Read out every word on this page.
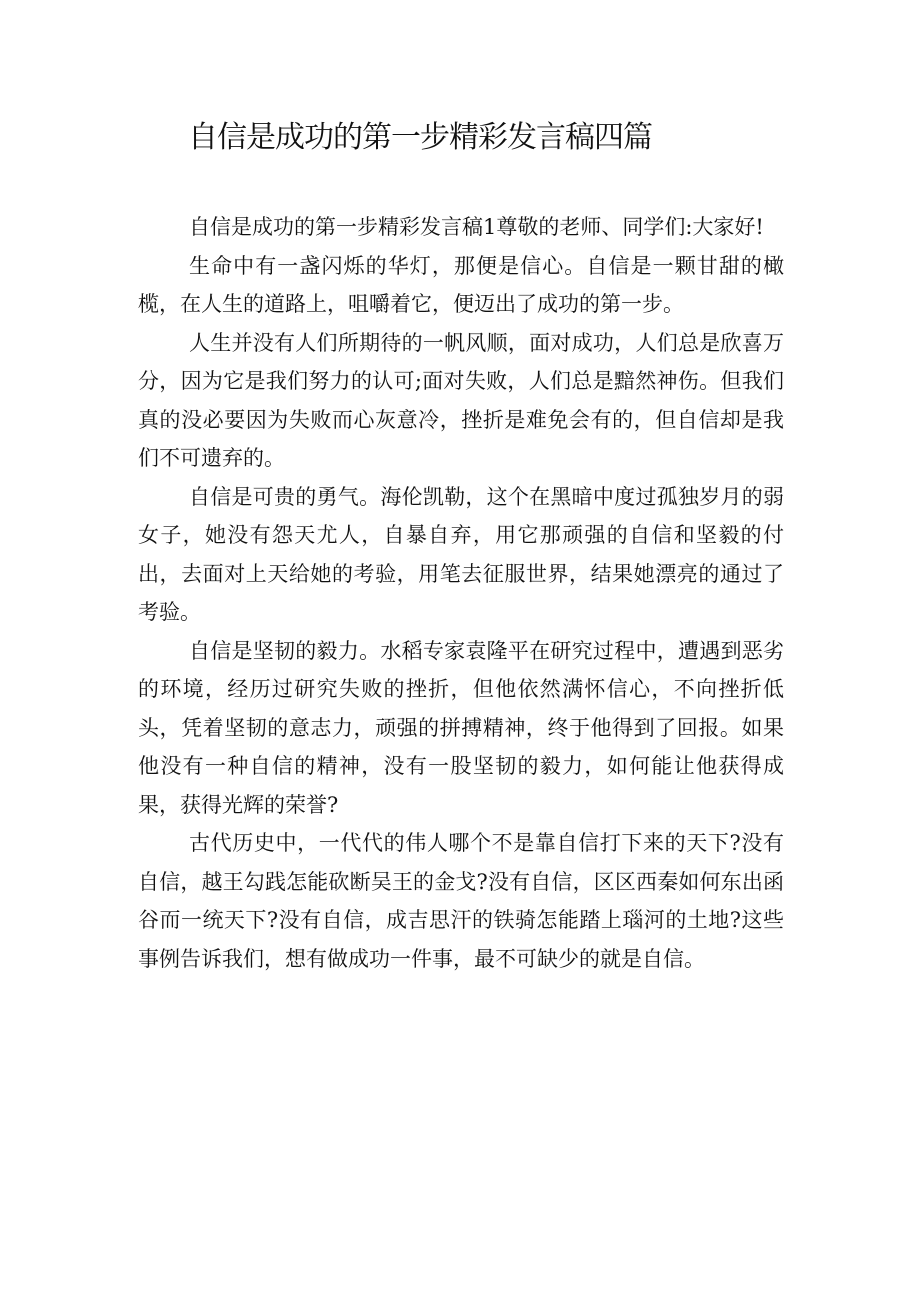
自信是成功的第一步精彩发言稿四篇

自信是成功的第一步精彩发言稿1尊敬的老师、同学们:大家好!

生命中有一盏闪烁的华灯，那便是信心。自信是一颗甘甜的橄榄，在人生的道路上，咀嚼着它，便迈出了成功的第一步。

人生并没有人们所期待的一帆风顺，面对成功，人们总是欣喜万分，因为它是我们努力的认可;面对失败，人们总是黯然神伤。但我们真的没必要因为失败而心灰意冷，挫折是难免会有的，但自信却是我们不可遗弃的。

自信是可贵的勇气。海伦凯勒，这个在黑暗中度过孤独岁月的弱女子，她没有怨天尤人，自暴自弃，用它那顽强的自信和坚毅的付出，去面对上天给她的考验，用笔去征服世界，结果她漂亮的通过了考验。

自信是坚韧的毅力。水稻专家袁隆平在研究过程中，遭遇到恶劣的环境，经历过研究失败的挫折，但他依然满怀信心，不向挫折低头，凭着坚韧的意志力，顽强的拼搏精神，终于他得到了回报。如果他没有一种自信的精神，没有一股坚韧的毅力，如何能让他获得成果，获得光辉的荣誉?

古代历史中，一代代的伟人哪个不是靠自信打下来的天下?没有自信，越王勾践怎能砍断吴王的金戈?没有自信，区区西秦如何东出函谷而一统天下?没有自信，成吉思汗的铁骑怎能踏上瑙河的土地?这些事例告诉我们，想有做成功一件事，最不可缺少的就是自信。
